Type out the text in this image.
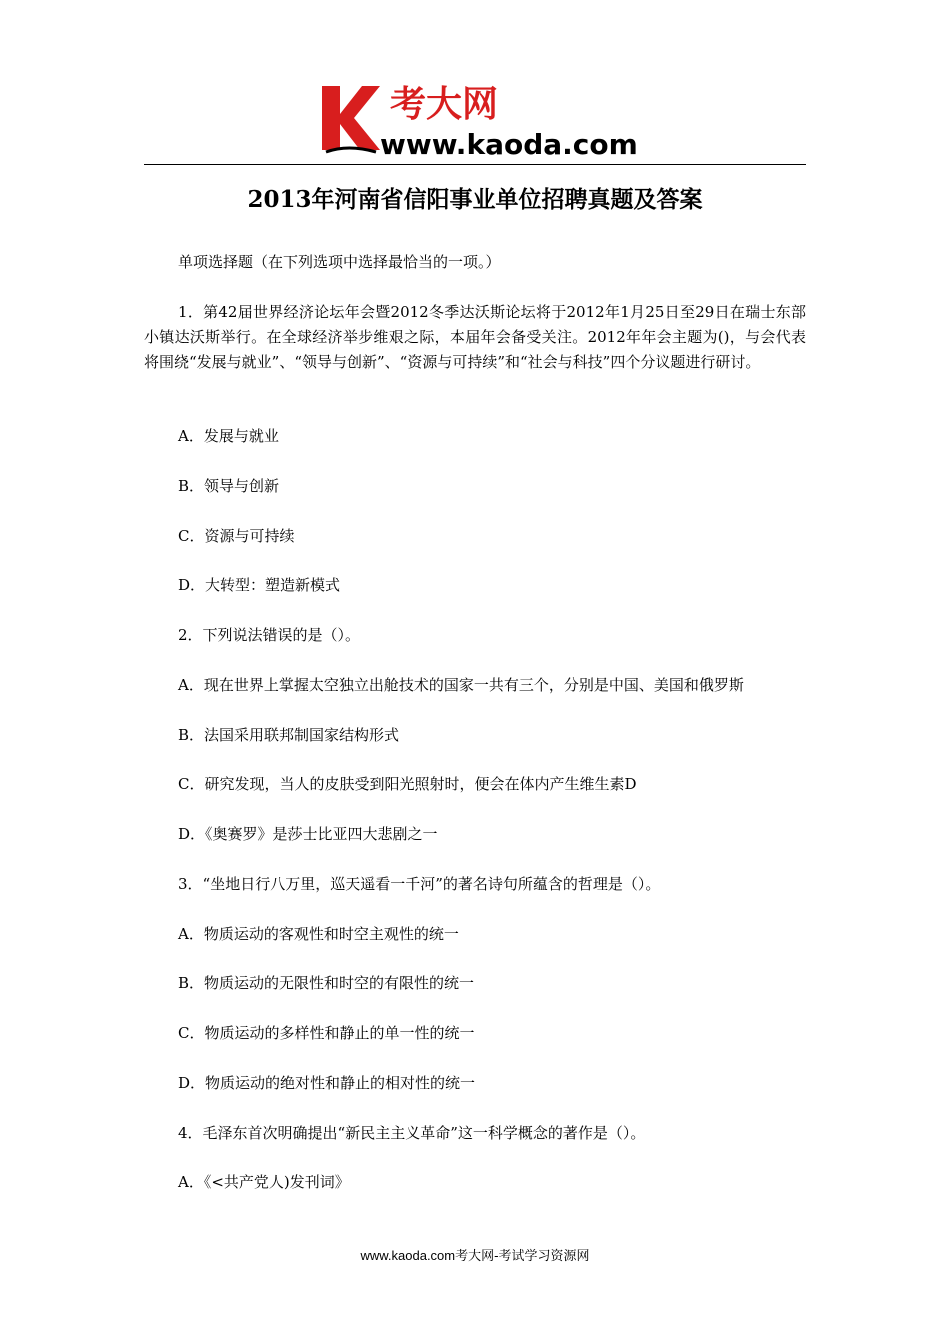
考大网
www.kaoda.com
2013年河南省信阳事业单位招聘真题及答案

单项选择题（在下列选项中选择最恰当的一项。）

1．第42届世界经济论坛年会暨2012冬季达沃斯论坛将于2012年1月25日至29日在瑞士东部小镇达沃斯举行。在全球经济举步维艰之际，本届年会备受关注。2012年年会主题为()，与会代表将围绕“发展与就业”、“领导与创新”、“资源与可持续”和“社会与科技”四个分议题进行研讨。

A．发展与就业

B．领导与创新

C．资源与可持续

D．大转型：塑造新模式

2．下列说法错误的是（）。

A．现在世界上掌握太空独立出舱技术的国家一共有三个，分别是中国、美国和俄罗斯

B．法国采用联邦制国家结构形式

C．研究发现，当人的皮肤受到阳光照射时，便会在体内产生维生素D

D．《奥赛罗》是莎士比亚四大悲剧之一

3．“坐地日行八万里，巡天遥看一千河”的著名诗句所蕴含的哲理是（）。

A．物质运动的客观性和时空主观性的统一

B．物质运动的无限性和时空的有限性的统一

C．物质运动的多样性和静止的单一性的统一

D．物质运动的绝对性和静止的相对性的统一

4．毛泽东首次明确提出“新民主主义革命”这一科学概念的著作是（）。

A．《<共产党人)发刊词》

www.kaoda.com考大网-考试学习资源网
